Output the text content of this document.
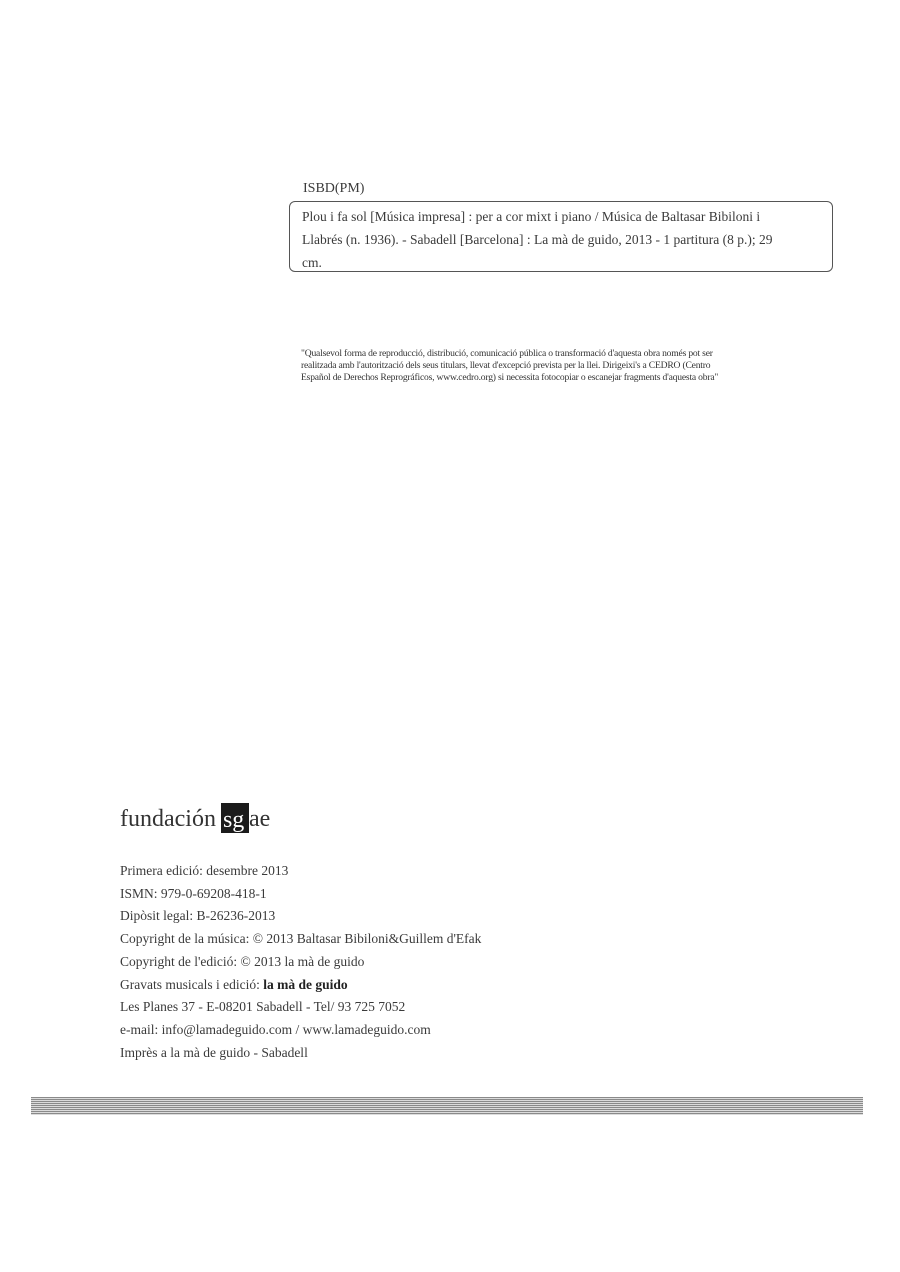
ISBD(PM)
Plou i fa sol [Música impresa] : per a cor mixt i piano / Música de Baltasar Bibiloni i
Llabrés (n. 1936). - Sabadell [Barcelona] : La mà de guido, 2013 - 1 partitura (8 p.); 29
cm.
"Qualsevol forma de reproducció, distribució, comunicació pública o transformació d'aquesta obra només pot ser
realitzada amb l'autorització dels seus titulars, llevat d'excepció prevista per la llei. Dirigeixi's a CEDRO (Centro
Español de Derechos Reprográficos, www.cedro.org) si necessita fotocopiar o escanejar fragments d'aquesta obra"
fundación sg ae
Primera edició: desembre 2013
ISMN: 979-0-69208-418-1
Dipòsit legal: B-26236-2013
Copyright de la música: © 2013 Baltasar Bibiloni&Guillem d'Efak
Copyright de l'edició: © 2013 la mà de guido
Gravats musicals i edició: la mà de guido
Les Planes 37 - E-08201 Sabadell - Tel/ 93 725 7052
e-mail: info@lamadeguido.com / www.lamadeguido.com
Imprès a la mà de guido - Sabadell
